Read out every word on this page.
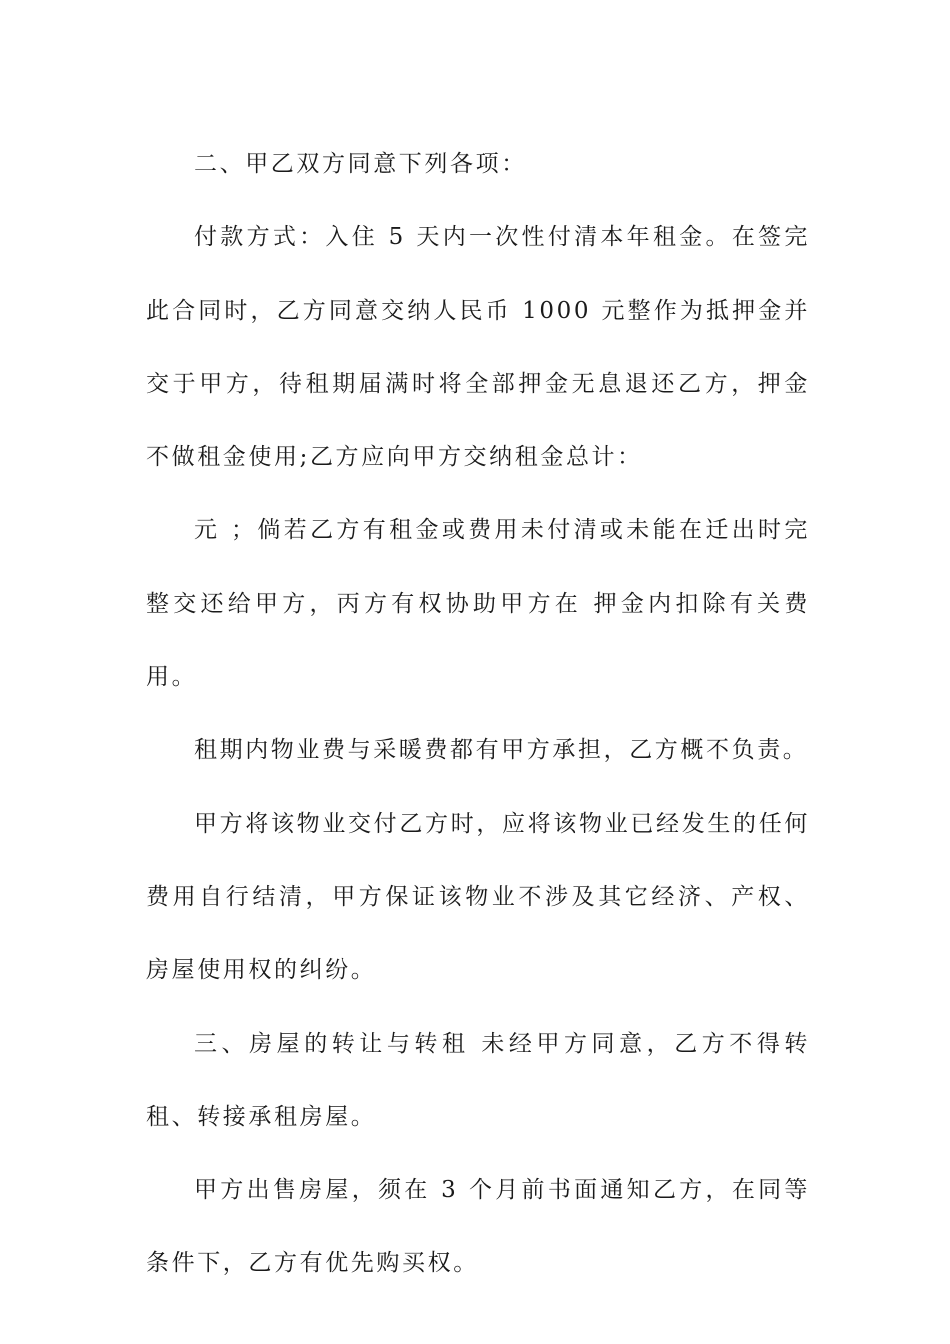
二、甲乙双方同意下列各项：

付款方式：入住 5 天内一次性付清本年租金。在签完此合同时，乙方同意交纳人民币 1000 元整作为抵押金并交于甲方，待租期届满时将全部押金无息退还乙方，押金不做租金使用;乙方应向甲方交纳租金总计：

元 ；倘若乙方有租金或费用未付清或未能在迁出时完整交还给甲方，丙方有权协助甲方在 押金内扣除有关费用。

租期内物业费与采暖费都有甲方承担，乙方概不负责。

甲方将该物业交付乙方时，应将该物业已经发生的任何费用自行结清，甲方保证该物业不涉及其它经济、产权、房屋使用权的纠纷。

三、房屋的转让与转租 未经甲方同意，乙方不得转租、转接承租房屋。

甲方出售房屋，须在 3 个月前书面通知乙方，在同等条件下，乙方有优先购买权。
